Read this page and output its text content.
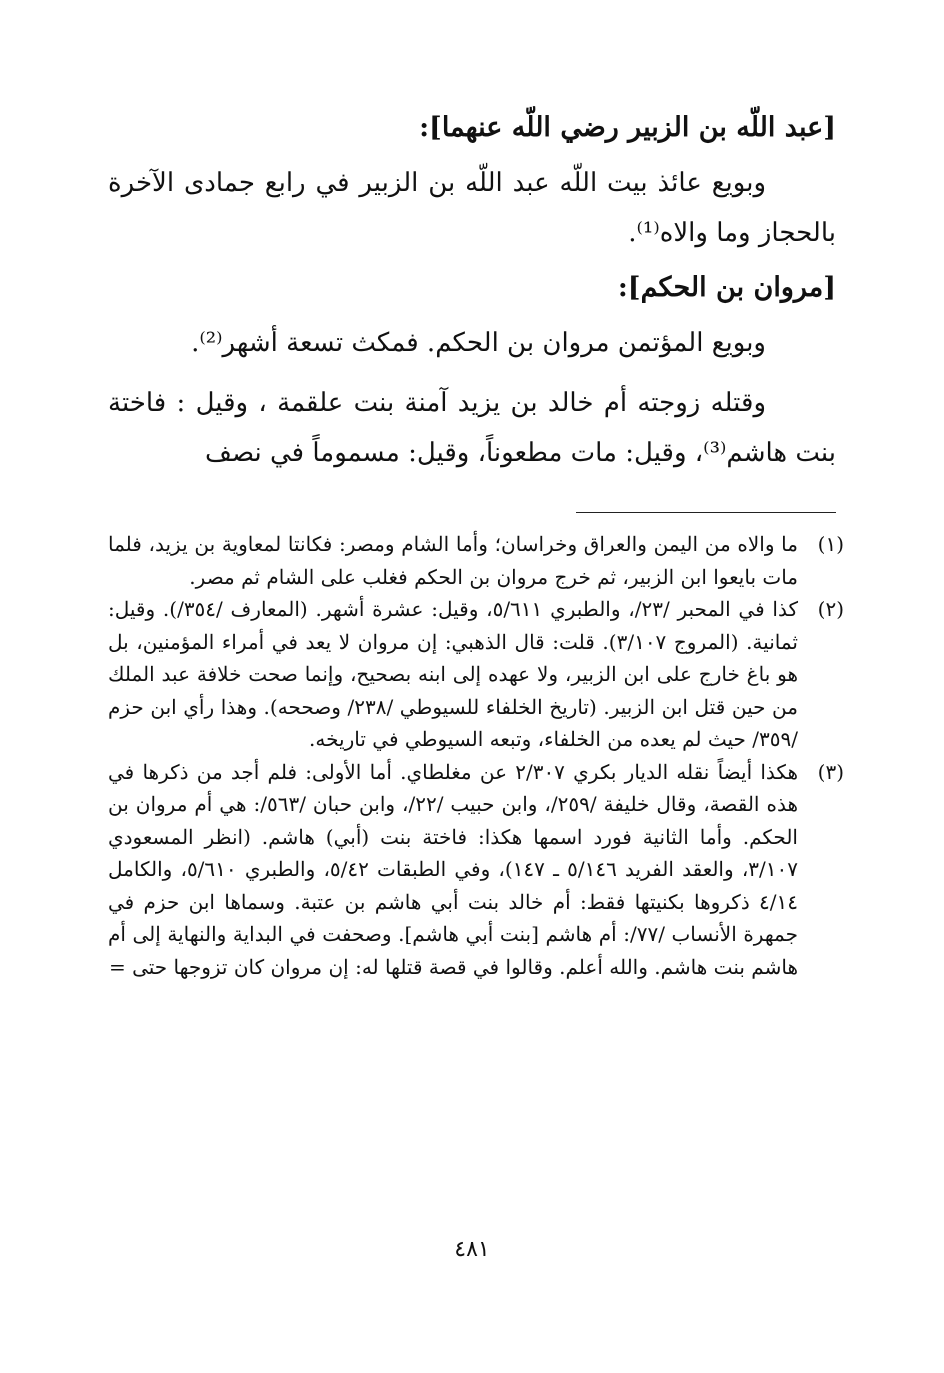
[عبد اللّه بن الزبير رضي اللّه عنهما]:

وبويع عائذ بيت اللّه عبد اللّه بن الزبير في رابع جمادى الآخرة بالحجاز وما والاه⁽¹⁾.

[مروان بن الحكم]:

وبويع المؤتمن مروان بن الحكم. فمكث تسعة أشهر⁽²⁾.

وقتله زوجته أم خالد بن يزيد آمنة بنت علقمة ، وقيل : فاختة بنت هاشم⁽³⁾، وقيل: مات مطعوناً، وقيل: مسموماً في نصف

(١)
ما والاه من اليمن والعراق وخراسان؛ وأما الشام ومصر: فكانتا لمعاوية بن يزيد، فلما مات بايعوا ابن الزبير، ثم خرج مروان بن الحكم فغلب على الشام ثم مصر.
(٢)
كذا في المحبر /٢٣/، والطبري ٥/٦١١، وقيل: عشرة أشهر. (المعارف /٣٥٤/). وقيل: ثمانية. (المروج ٣/١٠٧). قلت: قال الذهبي: إن مروان لا يعد في أمراء المؤمنين، بل هو باغ خارج على ابن الزبير، ولا عهده إلى ابنه بصحيح، وإنما صحت خلافة عبد الملك من حين قتل ابن الزبير. (تاريخ الخلفاء للسيوطي /٢٣٨/ وصححه). وهذا رأي ابن حزم /٣٥٩/ حيث لم يعده من الخلفاء، وتبعه السيوطي في تاريخه.
(٣)
هكذا أيضاً نقله الديار بكري ٢/٣٠٧ عن مغلطاي. أما الأولى: فلم أجد من ذكرها في هذه القصة، وقال خليفة /٢٥٩/، وابن حبيب /٢٢/، وابن حبان /٥٦٣/: هي أم مروان بن الحكم. وأما الثانية فورد اسمها هكذا: فاختة بنت (أبي) هاشم. (انظر المسعودي ٣/١٠٧، والعقد الفريد ٥/١٤٦ ـ ١٤٧)، وفي الطبقات ٥/٤٢، والطبري ٥/٦١٠، والكامل ٤/١٤ ذكروها بكنيتها فقط: أم خالد بنت أبي هاشم بن عتبة. وسماها ابن حزم في جمهرة الأنساب /٧٧/: أم هاشم [بنت أبي هاشم]. وصحفت في البداية والنهاية إلى أم هاشم بنت هاشم. والله أعلم. وقالوا في قصة قتلها له: إن مروان كان تزوجها حتى =
٤٨١
